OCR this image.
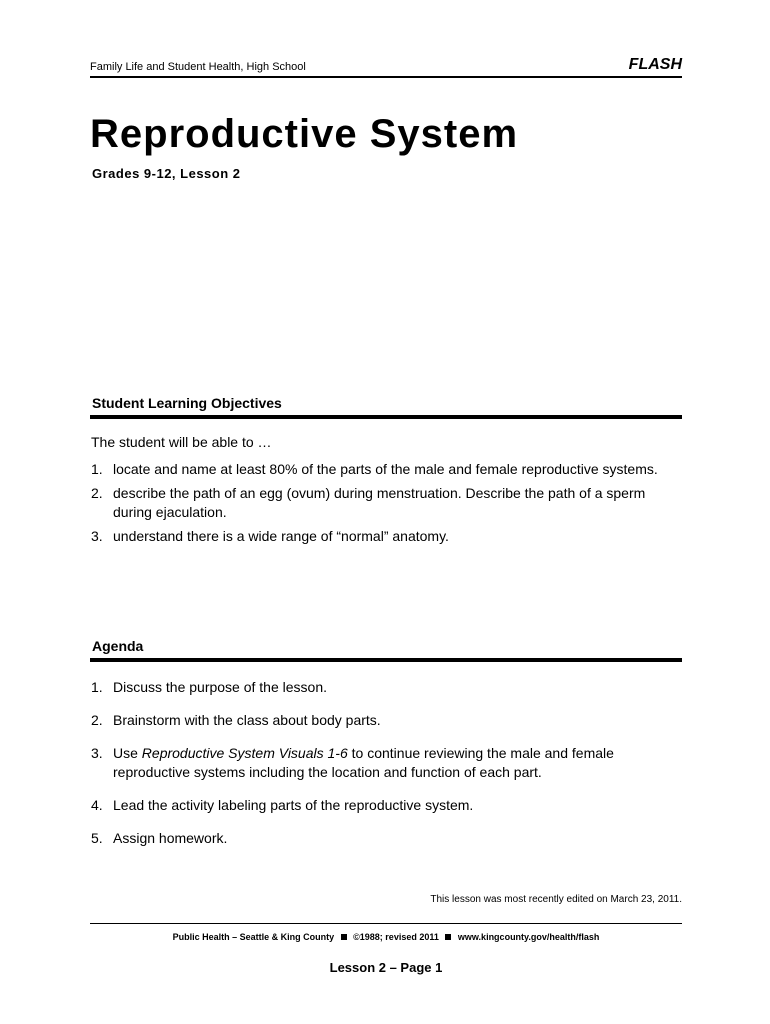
Family Life and Student Health, High School	FLASH
Reproductive System
Grades 9-12, Lesson 2
Student Learning Objectives
The student will be able to …
1. locate and name at least 80% of the parts of the male and female reproductive systems.
2. describe the path of an egg (ovum) during menstruation. Describe the path of a sperm during ejaculation.
3. understand there is a wide range of “normal” anatomy.
Agenda
1. Discuss the purpose of the lesson.
2. Brainstorm with the class about body parts.
3. Use Reproductive System Visuals 1-6 to continue reviewing the male and female reproductive systems including the location and function of each part.
4. Lead the activity labeling parts of the reproductive system.
5. Assign homework.
This lesson was most recently edited on March 23, 2011.
Public Health – Seattle & King County ©1988; revised 2011 www.kingcounty.gov/health/flash
Lesson 2 – Page 1
